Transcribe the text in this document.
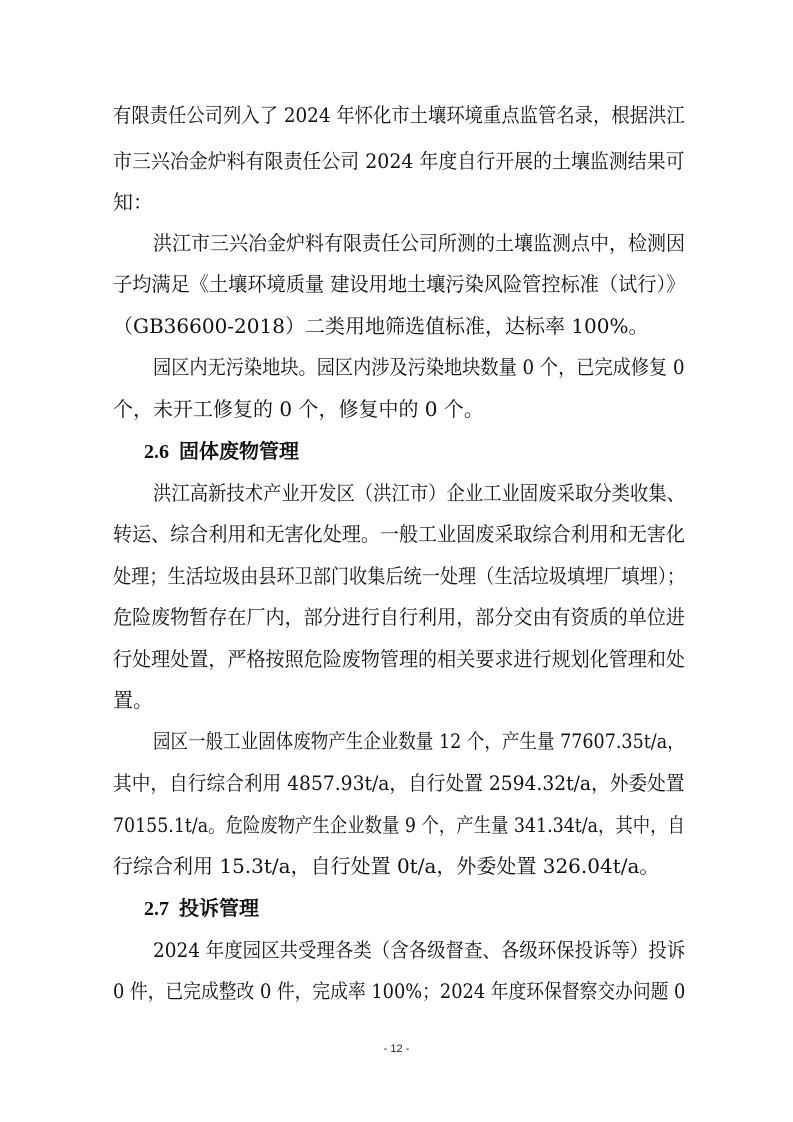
有限责任公司列入了 2024 年怀化市土壤环境重点监管名录，根据洪江
市三兴冶金炉料有限责任公司 2024 年度自行开展的土壤监测结果可
知：
洪江市三兴冶金炉料有限责任公司所测的土壤监测点中，检测因
子均满足《土壤环境质量 建设用地土壤污染风险管控标准（试行）》
（GB36600-2018）二类用地筛选值标准，达标率 100%。
园区内无污染地块。园区内涉及污染地块数量 0 个，已完成修复 0
个，未开工修复的 0 个，修复中的 0 个。
2.6 固体废物管理
洪江高新技术产业开发区（洪江市）企业工业固废采取分类收集、
转运、综合利用和无害化处理。一般工业固废采取综合利用和无害化
处理；生活垃圾由县环卫部门收集后统一处理（生活垃圾填埋厂填埋）；
危险废物暂存在厂内，部分进行自行利用，部分交由有资质的单位进
行处理处置，严格按照危险废物管理的相关要求进行规划化管理和处
置。
园区一般工业固体废物产生企业数量 12 个，产生量 77607.35t/a，
其中，自行综合利用 4857.93t/a，自行处置 2594.32t/a，外委处置
70155.1t/a。危险废物产生企业数量 9 个，产生量 341.34t/a，其中，自
行综合利用 15.3t/a，自行处置 0t/a，外委处置 326.04t/a。
2.7 投诉管理
2024 年度园区共受理各类（含各级督查、各级环保投诉等）投诉
0 件，已完成整改 0 件，完成率 100%；2024 年度环保督察交办问题 0
- 12 -
